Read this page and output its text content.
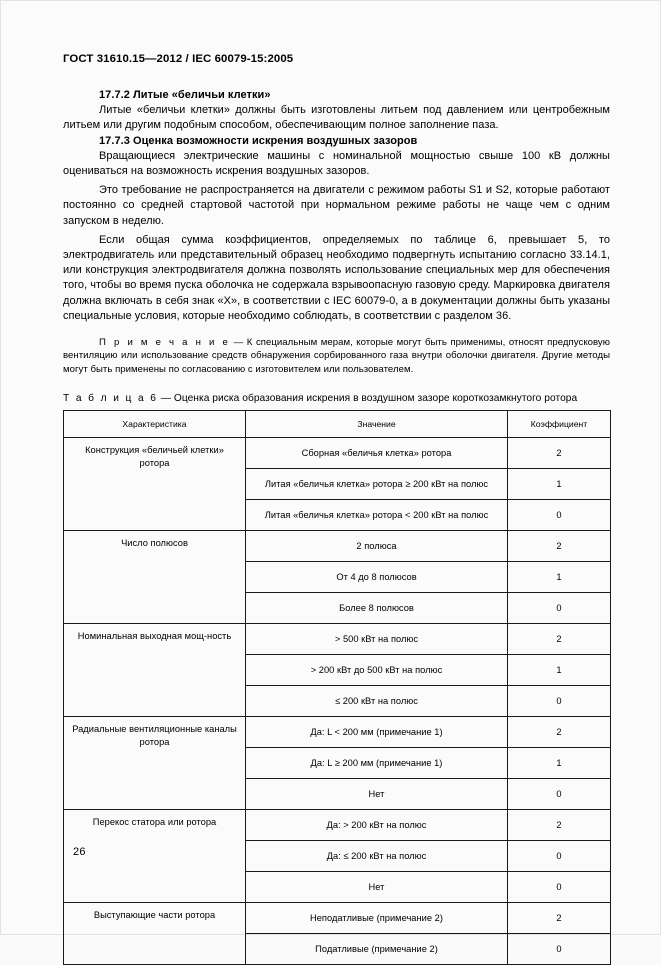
ГОСТ 31610.15—2012 / IEC 60079-15:2005
17.7.2 Литые «беличьи клетки»

Литые «беличьи клетки» должны быть изготовлены литьем под давлением или центробежным литьем или другим подобным способом, обеспечивающим полное заполнение паза.

17.7.3 Оценка возможности искрения воздушных зазоров

Вращающиеся электрические машины с номинальной мощностью свыше 100 кВ должны оцениваться на возможность искрения воздушных зазоров.

Это требование не распространяется на двигатели с режимом работы S1 и S2, которые работают постоянно со средней стартовой частотой при нормальном режиме работы не чаще чем с одним запуском в неделю.

Если общая сумма коэффициентов, определяемых по таблице 6, превышает 5, то электродвигатель или представительный образец необходимо подвергнуть испытанию согласно 33.14.1, или конструкция электродвигателя должна позволять использование специальных мер для обеспечения того, чтобы во время пуска оболочка не содержала взрывоопасную газовую среду. Маркировка двигателя должна включать в себя знак «X», в соответствии с IEC 60079-0, а в документации должны быть указаны специальные условия, которые необходимо соблюдать, в соответствии с разделом 36.

П р и м е ч а н и е — К специальным мерам, которые могут быть применимы, относят предпусковую вентиляцию или использование средств обнаружения сорбированного газа внутри оболочки двигателя. Другие методы могут быть применены по согласованию с изготовителем или пользователем.

Т а б л и ц а 6 — Оценка риска образования искрения в воздушном зазоре короткозамкнутого ротора
Характеристика	Значение	Коэффициент
Конструкция «беличьей клетки» ротора	Сборная «беличья клетка» ротора	2
	Литая «беличья клетка» ротора ≥ 200 кВт на полюс	1
	Литая «беличья клетка» ротора < 200 кВт на полюс	0
Число полюсов	2 полюса	2
	От 4 до 8 полюсов	1
	Более 8 полюсов	0
Номинальная выходная мощ-ность	> 500 кВт на полюс	2
	> 200 кВт до 500 кВт на полюс	1
	≤ 200 кВт на полюс	0
Радиальные вентиляционные каналы ротора	Да: L < 200 мм (примечание 1)	2
	Да: L ≥ 200 мм (примечание 1)	1
	Нет	0
Перекос статора или ротора	Да: > 200 кВт на полюс	2
	Да: ≤ 200 кВт на полюс	0
	Нет	0
Выступающие части ротора	Неподатливые (примечание 2)	2
	Податливые (примечание 2)	0
26
